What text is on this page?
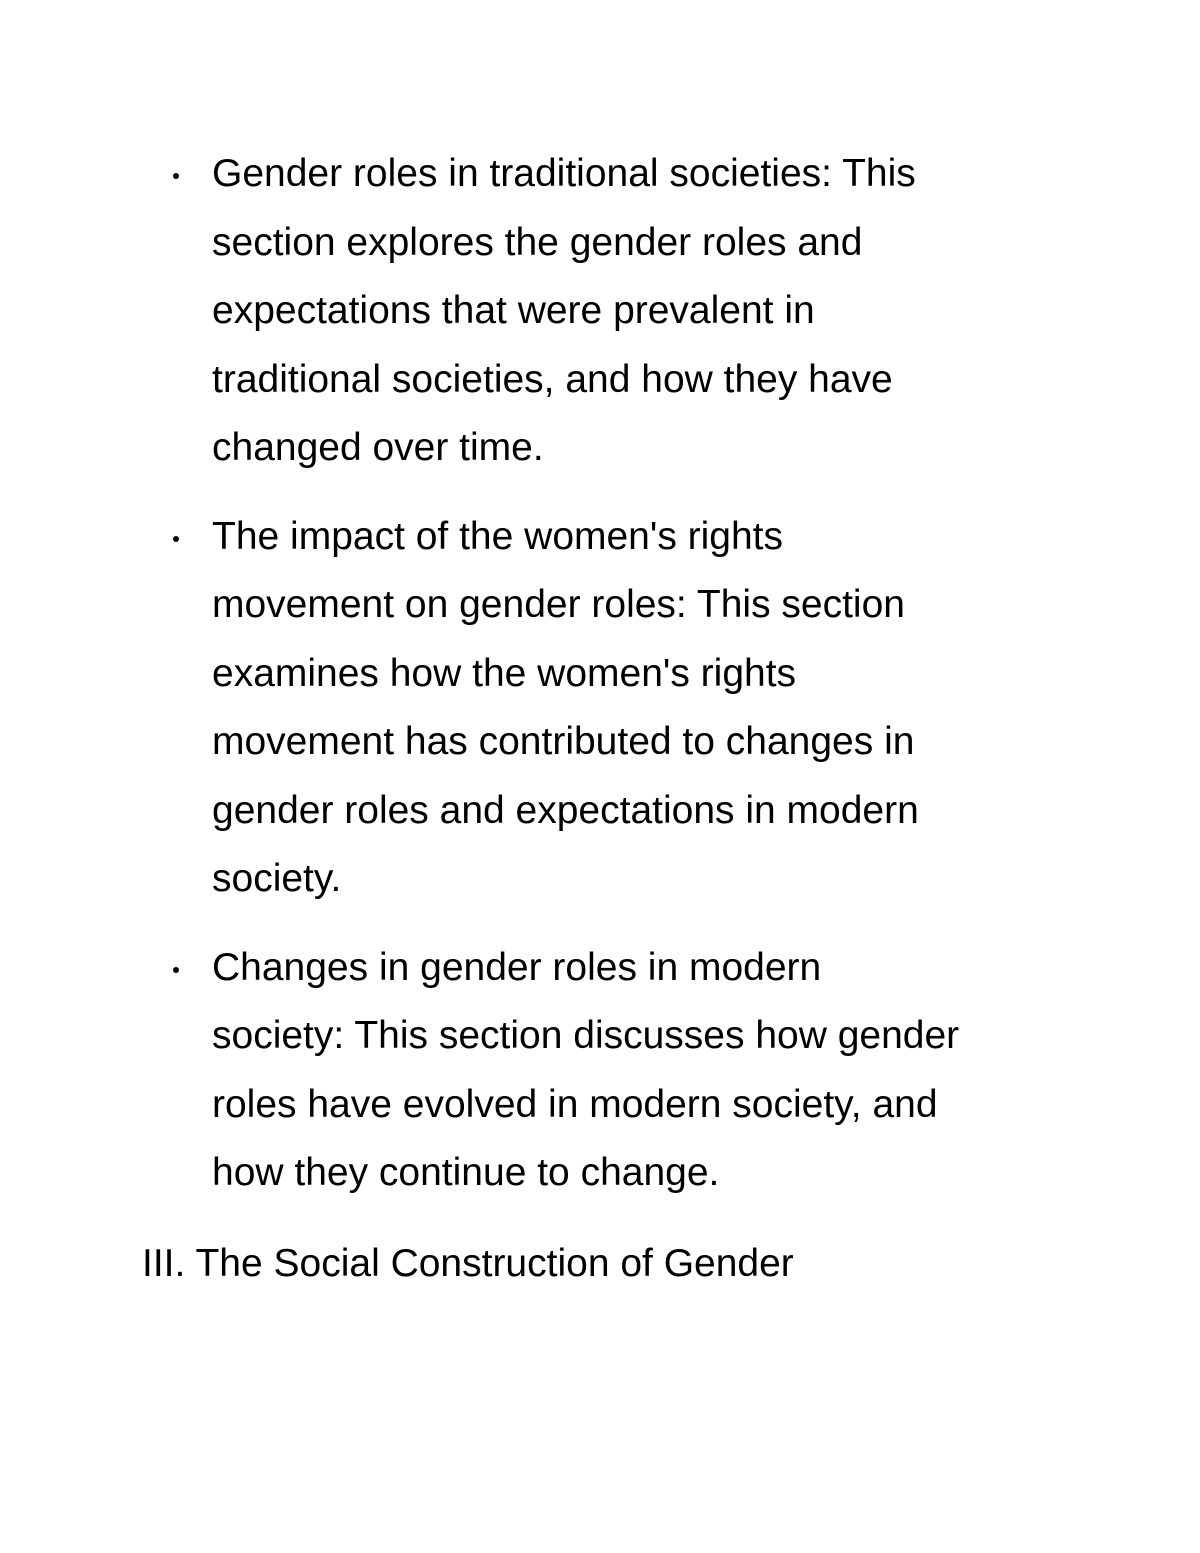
Gender roles in traditional societies: This
section explores the gender roles and
expectations that were prevalent in
traditional societies, and how they have
changed over time.
The impact of the women's rights
movement on gender roles: This section
examines how the women's rights
movement has contributed to changes in
gender roles and expectations in modern
society.
Changes in gender roles in modern
society: This section discusses how gender
roles have evolved in modern society, and
how they continue to change.
III. The Social Construction of Gender
